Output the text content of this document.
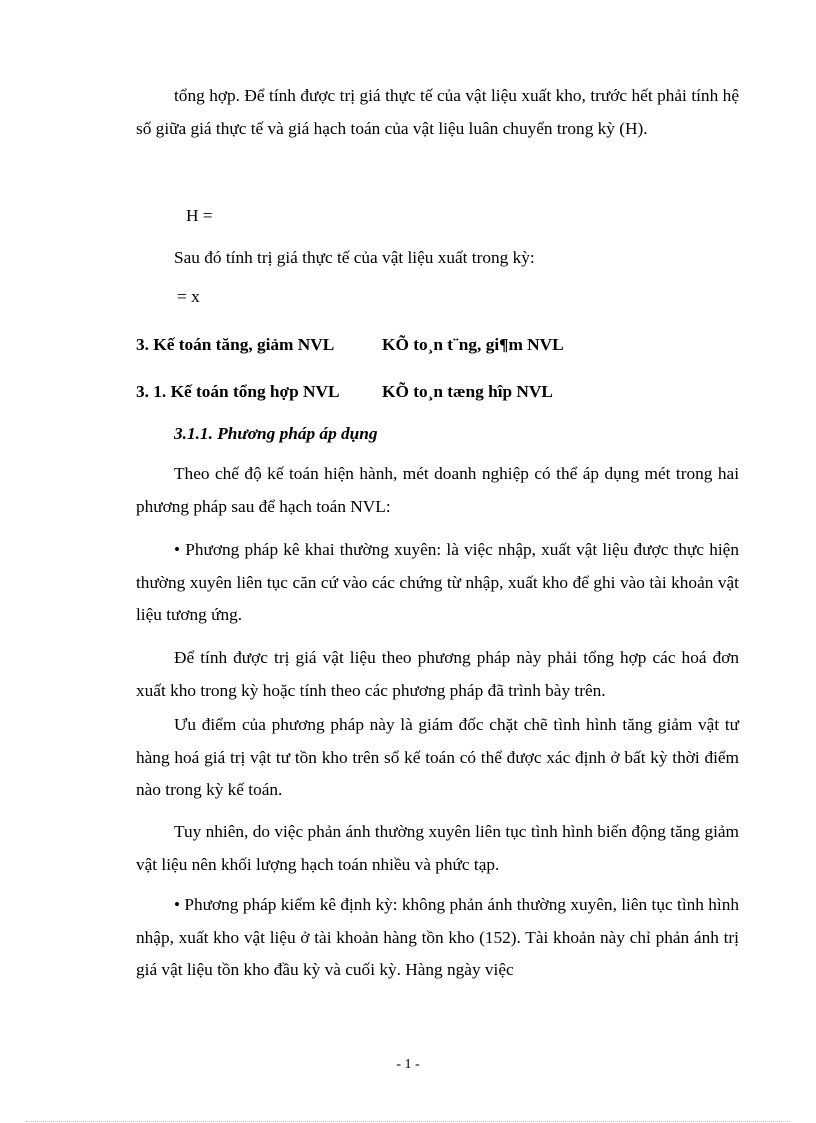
tổng hợp. Để tính được trị giá thực tế của vật liệu xuất kho, trước hết phải tính hệ số giữa giá thực tế và giá hạch toán của vật liệu luân chuyển trong kỳ (H).

H =
Sau đó tính trị giá thực tế của vật liệu xuất trong kỳ:
= x
3. Kế toán tăng, giảm NVL	KÕ to¸n t¨ng, gi¶m NVL
3. 1. Kế toán tổng hợp NVL KÕ to¸n tæng hîp NVL
3.1.1. Phương pháp áp dụng

Theo chế độ kế toán hiện hành, mét doanh nghiệp có thể áp dụng mét trong hai phương pháp sau để hạch toán NVL:

• Phương pháp kê khai thường xuyên: là việc nhập, xuất vật liệu được thực hiện thường xuyên liên tục căn cứ vào các chứng từ nhập, xuất kho để ghi vào tài khoản vật liệu tương ứng.

Để tính được trị giá vật liệu theo phương pháp này phải tổng hợp các hoá đơn xuất kho trong kỳ hoặc tính theo các phương pháp đã trình bày trên.

Ưu điểm của phương pháp này là giám đốc chặt chẽ tình hình tăng giảm vật tư hàng hoá giá trị vật tư tồn kho trên sổ kế toán có thể được xác định ở bất kỳ thời điểm nào trong kỳ kế toán.

Tuy nhiên, do việc phản ánh thường xuyên liên tục tình hình biến động tăng giảm vật liệu nên khối lượng hạch toán nhiều và phức tạp.

• Phương pháp kiểm kê định kỳ: không phản ánh thường xuyên, liên tục tình hình nhập, xuất kho vật liệu ở tài khoản hàng tồn kho (152). Tài khoản này chỉ phản ánh trị giá vật liệu tồn kho đầu kỳ và cuối kỳ. Hàng ngày việc

- 1 -
